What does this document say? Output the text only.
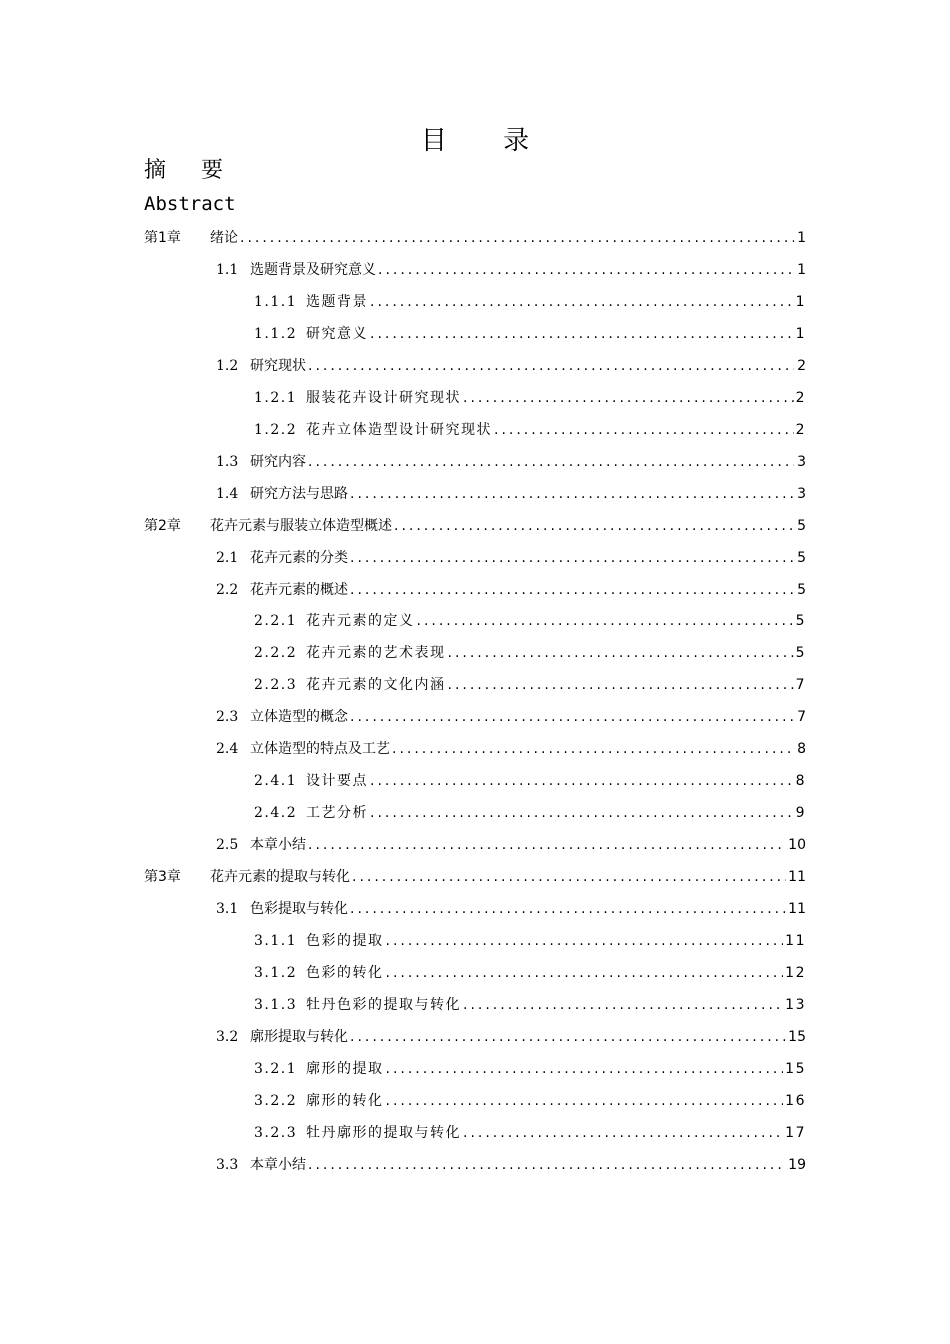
目 录
摘 要
Abstract
第1章	绪论 .....	1
1.1 选题背景及研究意义 .....	1
1.1.1 选题背景 .....	1
1.1.2 研究意义 .....	1
1.2 研究现状 .....	2
1.2.1 服装花卉设计研究现状 .....	2
1.2.2 花卉立体造型设计研究现状 .....	2
1.3 研究内容 .....	3
1.4 研究方法与思路 .....	3
第2章	花卉元素与服装立体造型概述 .....	5
2.1 花卉元素的分类 .....	5
2.2 花卉元素的概述 .....	5
2.2.1 花卉元素的定义 .....	5
2.2.2 花卉元素的艺术表现 .....	5
2.2.3 花卉元素的文化内涵 .....	7
2.3 立体造型的概念 .....	7
2.4 立体造型的特点及工艺 .....	8
2.4.1 设计要点 .....	8
2.4.2 工艺分析 .....	9
2.5 本章小结 .....	10
第3章	花卉元素的提取与转化 .....	11
3.1 色彩提取与转化 .....	11
3.1.1 色彩的提取 .....	11
3.1.2 色彩的转化 .....	12
3.1.3 牡丹色彩的提取与转化 .....	13
3.2 廓形提取与转化 .....	15
3.2.1 廓形的提取 .....	15
3.2.2 廓形的转化 .....	16
3.2.3 牡丹廓形的提取与转化 .....	17
3.3 本章小结 .....	19
